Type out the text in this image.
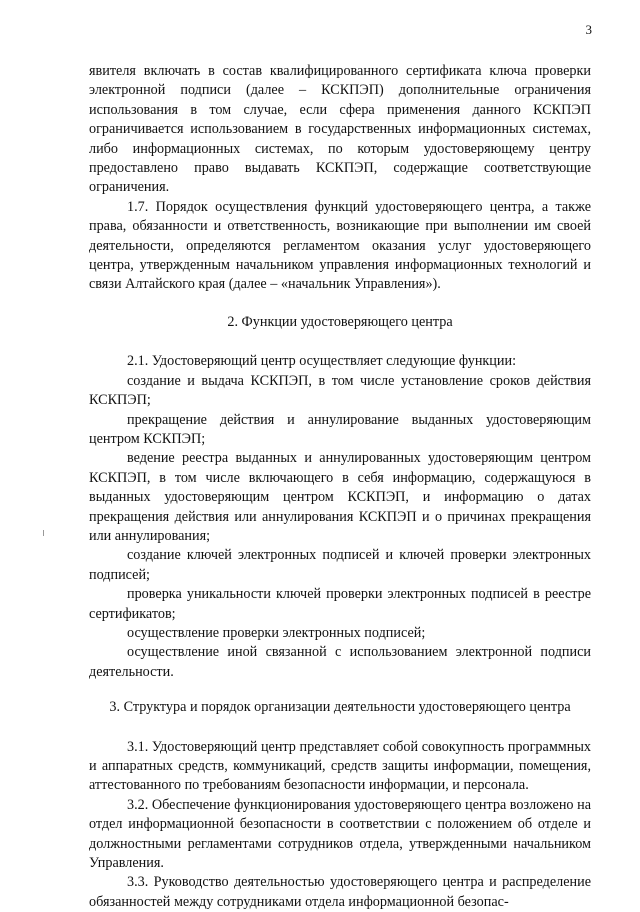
3

явителя включать в состав квалифицированного сертификата ключа проверки электронной подписи (далее – КСКПЭП) дополнительные ограничения использования в том случае, если сфера применения данного КСКПЭП ограничивается использованием в государственных информационных системах, либо информационных системах, по которым удостоверяющему центру предоставлено право выдавать КСКПЭП, содержащие соответствующие ограничения.

1.7. Порядок осуществления функций удостоверяющего центра, а также права, обязанности и ответственность, возникающие при выполнении им своей деятельности, определяются регламентом оказания услуг удостоверяющего центра, утвержденным начальником управления информационных технологий и связи Алтайского края (далее – «начальник Управления»).

2. Функции удостоверяющего центра

2.1. Удостоверяющий центр осуществляет следующие функции:

создание и выдача КСКПЭП, в том числе установление сроков действия КСКПЭП;

прекращение действия и аннулирование выданных удостоверяющим центром КСКПЭП;

ведение реестра выданных и аннулированных удостоверяющим центром КСКПЭП, в том числе включающего в себя информацию, содержащуюся в выданных удостоверяющим центром КСКПЭП, и информацию о датах прекращения действия или аннулирования КСКПЭП и о причинах прекращения или аннулирования;

создание ключей электронных подписей и ключей проверки электронных подписей;

проверка уникальности ключей проверки электронных подписей в реестре сертификатов;

осуществление проверки электронных подписей;

осуществление иной связанной с использованием электронной подписи деятельности.

3. Структура и порядок организации деятельности удостоверяющего центра

3.1. Удостоверяющий центр представляет собой совокупность программных и аппаратных средств, коммуникаций, средств защиты информации, помещения, аттестованного по требованиям безопасности информации, и персонала.

3.2. Обеспечение функционирования удостоверяющего центра возложено на отдел информационной безопасности в соответствии с положением об отделе и должностными регламентами сотрудников отдела, утвержденными начальником Управления.

3.3. Руководство деятельностью удостоверяющего центра и распределение обязанностей между сотрудниками отдела информационной безопас-
